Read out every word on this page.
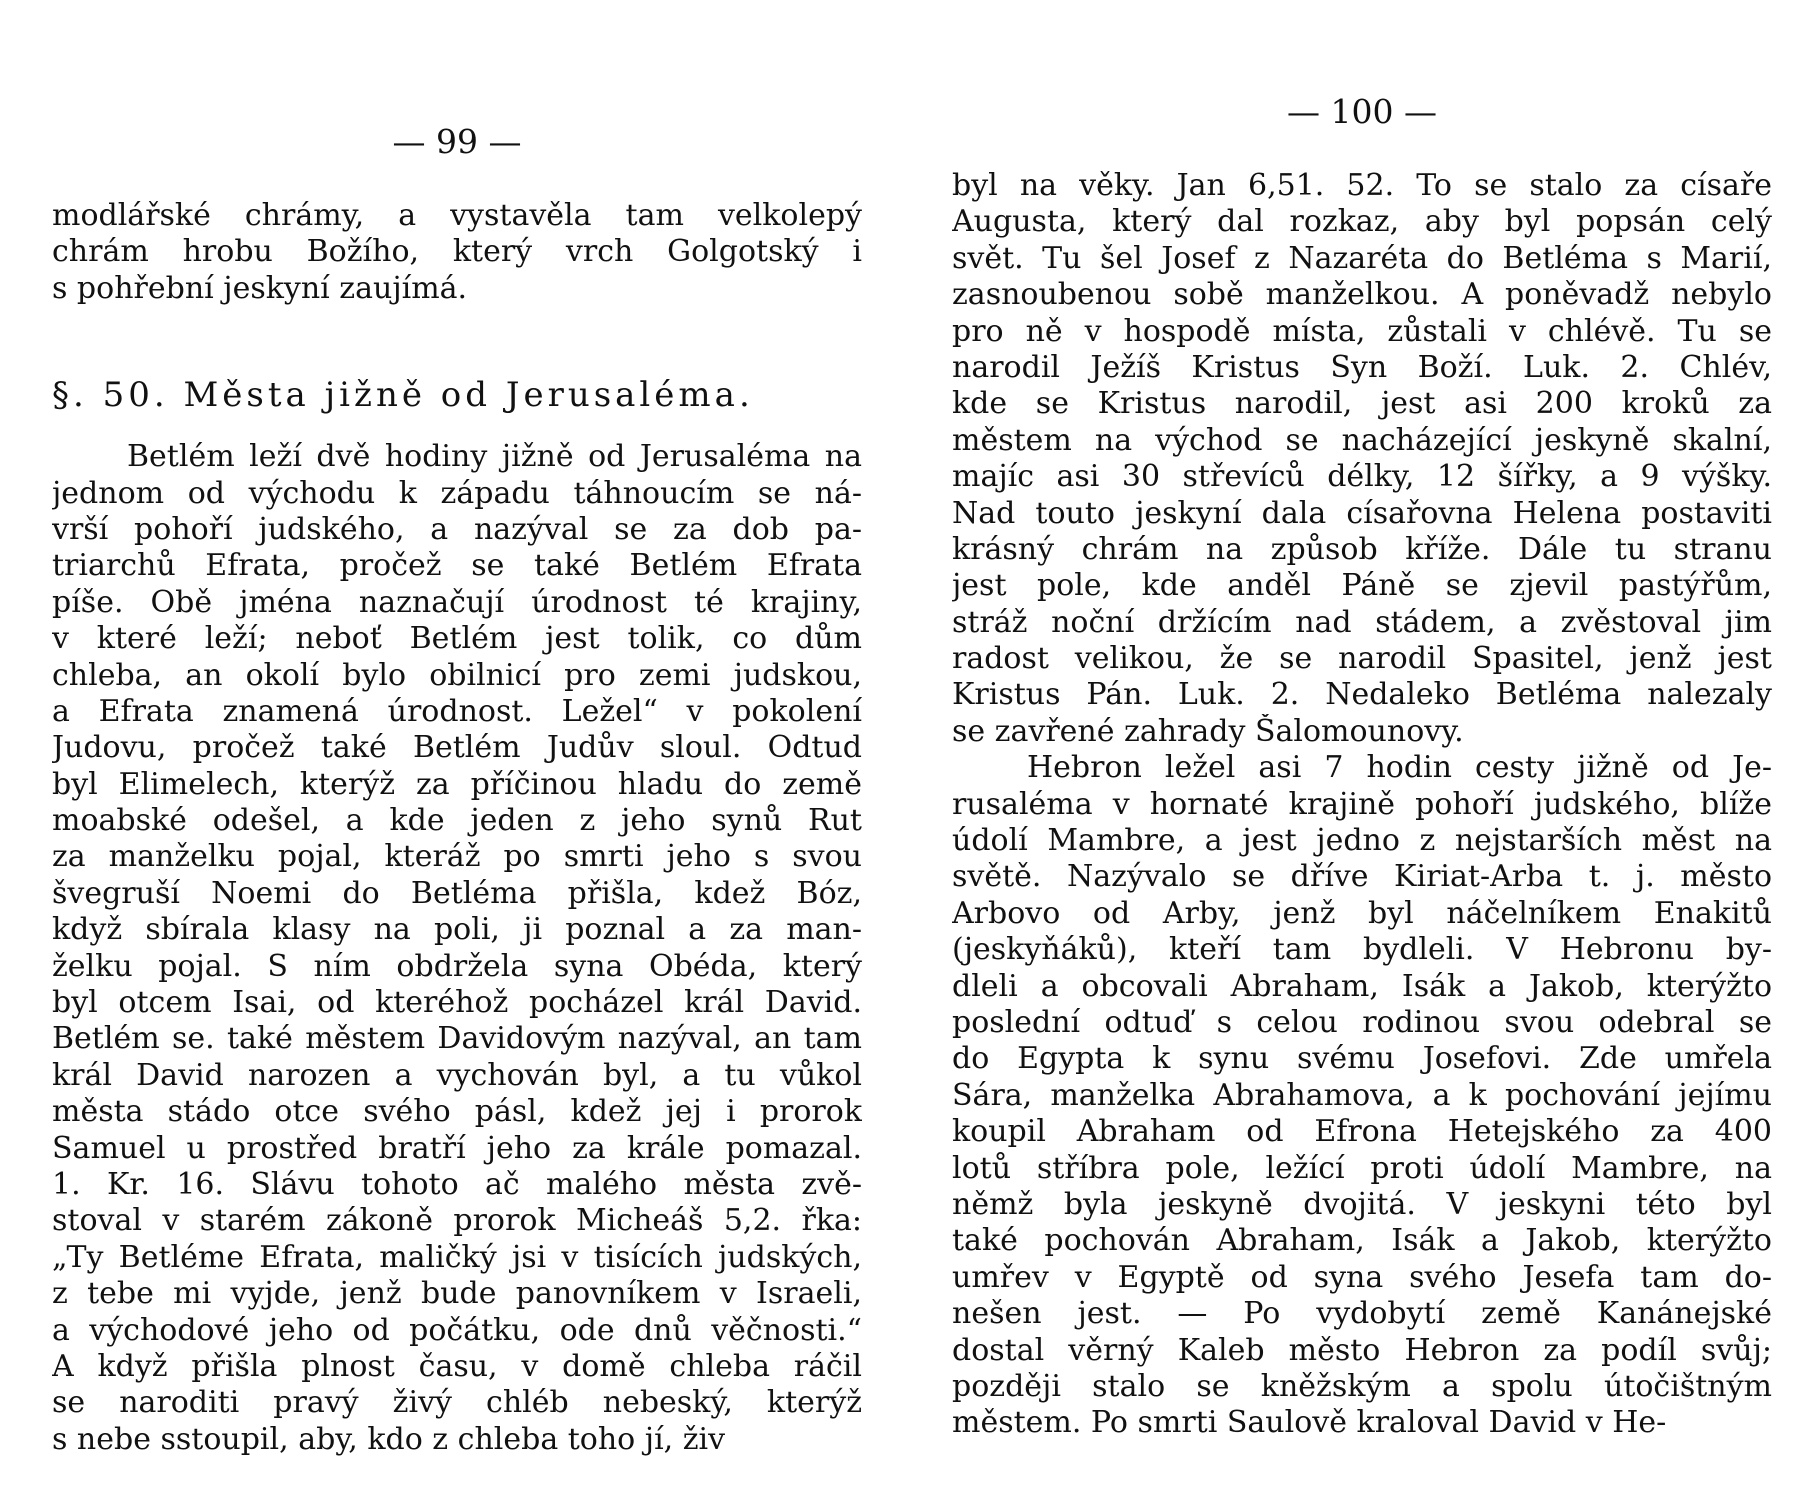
— 99 —
modlářské chrámy, a vystavěla tam velkolepý
chrám hrobu Božího, který vrch Golgotský i
s pohřební jeskyní zaujímá.
§. 50. Města jižně od Jerusaléma.
Betlém leží dvě hodiny jižně od Jerusaléma na
jednom od východu k západu táhnoucím se ná-
vrší pohoří judského, a nazýval se za dob pa-
triarchů Efrata, pročež se také Betlém Efrata
píše. Obě jména naznačují úrodnost té krajiny,
v které leží; neboť Betlém jest tolik, co dům
chleba, an okolí bylo obilnicí pro zemi judskou,
a Efrata znamená úrodnost. Ležel“ v pokolení
Judovu, pročež také Betlém Judův sloul. Odtud
byl Elimelech, kterýž za příčinou hladu do země
moabské odešel, a kde jeden z jeho synů Rut
za manželku pojal, kteráž po smrti jeho s svou
švegruší Noemi do Betléma přišla, kdež Bóz,
když sbírala klasy na poli, ji poznal a za man-
želku pojal. S ním obdržela syna Obéda, který
byl otcem Isai, od kteréhož pocházel král David.
Betlém se. také městem Davidovým nazýval, an tam
král David narozen a vychován byl, a tu vůkol
města stádo otce svého pásl, kdež jej i prorok
Samuel u prostřed bratří jeho za krále pomazal.
1. Kr. 16. Slávu tohoto ač malého města zvě-
stoval v starém zákoně prorok Micheáš 5,2. řka:
„Ty Betléme Efrata, maličký jsi v tisících judských,
z tebe mi vyjde, jenž bude panovníkem v Israeli,
a východové jeho od počátku, ode dnů věčnosti.“
A když přišla plnost času, v domě chleba ráčil
se naroditi pravý živý chléb nebeský, kterýž
s nebe sstoupil, aby, kdo z chleba toho jí, živ
— 100 —
byl na věky. Jan 6,51. 52. To se stalo za císaře
Augusta, který dal rozkaz, aby byl popsán celý
svět. Tu šel Josef z Nazaréta do Betléma s Marií,
zasnoubenou sobě manželkou. A poněvadž nebylo
pro ně v hospodě místa, zůstali v chlévě. Tu se
narodil Ježíš Kristus Syn Boží. Luk. 2. Chlév,
kde se Kristus narodil, jest asi 200 kroků za
městem na východ se nacházející jeskyně skalní,
majíc asi 30 střevíců délky, 12 šířky, a 9 výšky.
Nad touto jeskyní dala císařovna Helena postaviti
krásný chrám na způsob kříže. Dále tu stranu
jest pole, kde anděl Páně se zjevil pastýřům,
stráž noční držícím nad stádem, a zvěstoval jim
radost velikou, že se narodil Spasitel, jenž jest
Kristus Pán. Luk. 2. Nedaleko Betléma nalezaly
se zavřené zahrady Šalomounovy.
Hebron ležel asi 7 hodin cesty jižně od Je-
rusaléma v hornaté krajině pohoří judského, blíže
údolí Mambre, a jest jedno z nejstarších měst na
světě. Nazývalo se dříve Kiriat-Arba t. j. město
Arbovo od Arby, jenž byl náčelníkem Enakitů
(jeskyňáků), kteří tam bydleli. V Hebronu by-
dleli a obcovali Abraham, Isák a Jakob, kterýžto
poslední odtuď s celou rodinou svou odebral se
do Egypta k synu svému Josefovi. Zde umřela
Sára, manželka Abrahamova, a k pochování jejímu
koupil Abraham od Efrona Hetejského za 400
lotů stříbra pole, ležící proti údolí Mambre, na
němž byla jeskyně dvojitá. V jeskyni této byl
také pochován Abraham, Isák a Jakob, kterýžto
umřev v Egyptě od syna svého Jesefa tam do-
nešen jest. — Po vydobytí země Kanánejské
dostal věrný Kaleb město Hebron za podíl svůj;
později stalo se kněžským a spolu útočištným
městem. Po smrti Saulově kraloval David v He-
